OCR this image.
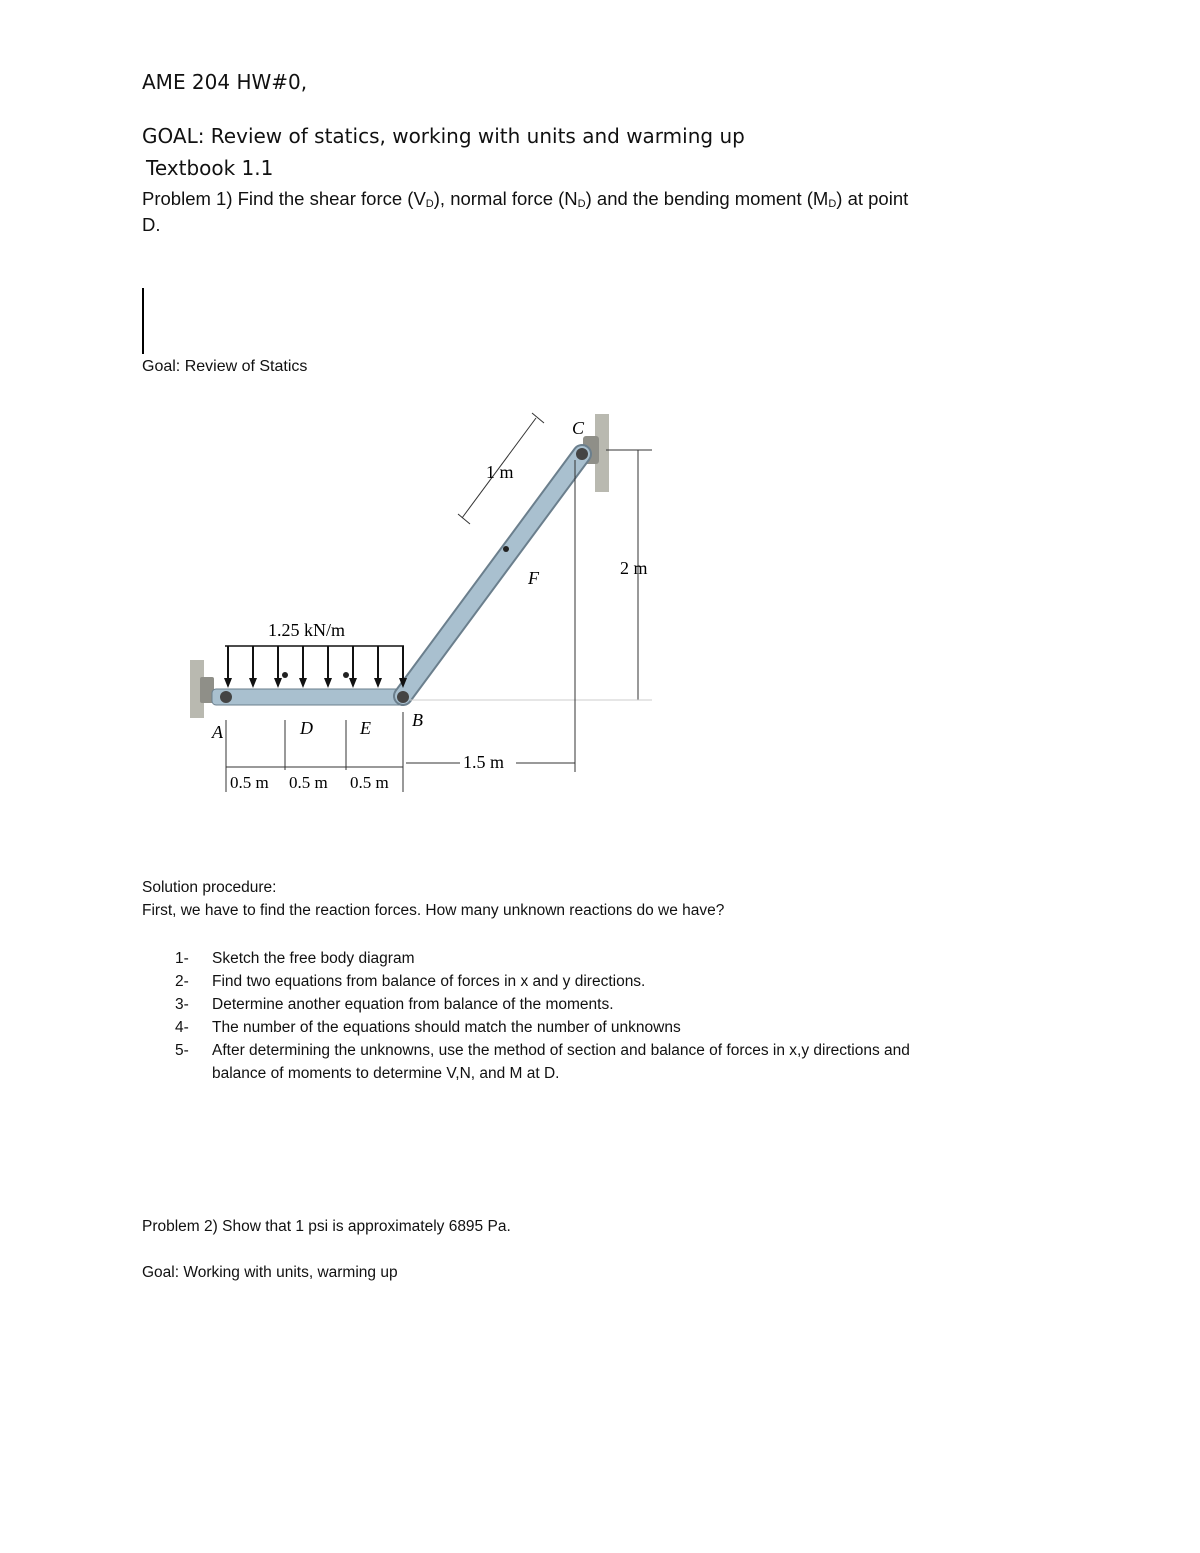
AME 204 HW#0,
GOAL: Review of statics, working with units and warming up
Textbook 1.1
Problem 1) Find the shear force $(V_D)$, normal force $(N_D)$ and the bending moment $(M_D)$ at point
D.
Goal: Review of Statics
1.25 kN/m
1 m
2 m
1.5 m
0.5 m 0.5 m 0.5 m
A
B
C
D	E
F
Solution procedure:
First, we have to find the reaction forces. How many unknown reactions do we have?
1- Sketch the free body diagram
2- Find two equations from balance of forces in x and y directions.
3- Determine another equation from balance of the moments.
4- The number of the equations should match the number of unknowns
5- After determining the unknowns, use the method of section and balance of forces in x,y directions and
balance of moments to determine V,N, and M at D.
Problem 2) Show that 1 psi is approximately 6895 Pa.
Goal: Working with units, warming up
